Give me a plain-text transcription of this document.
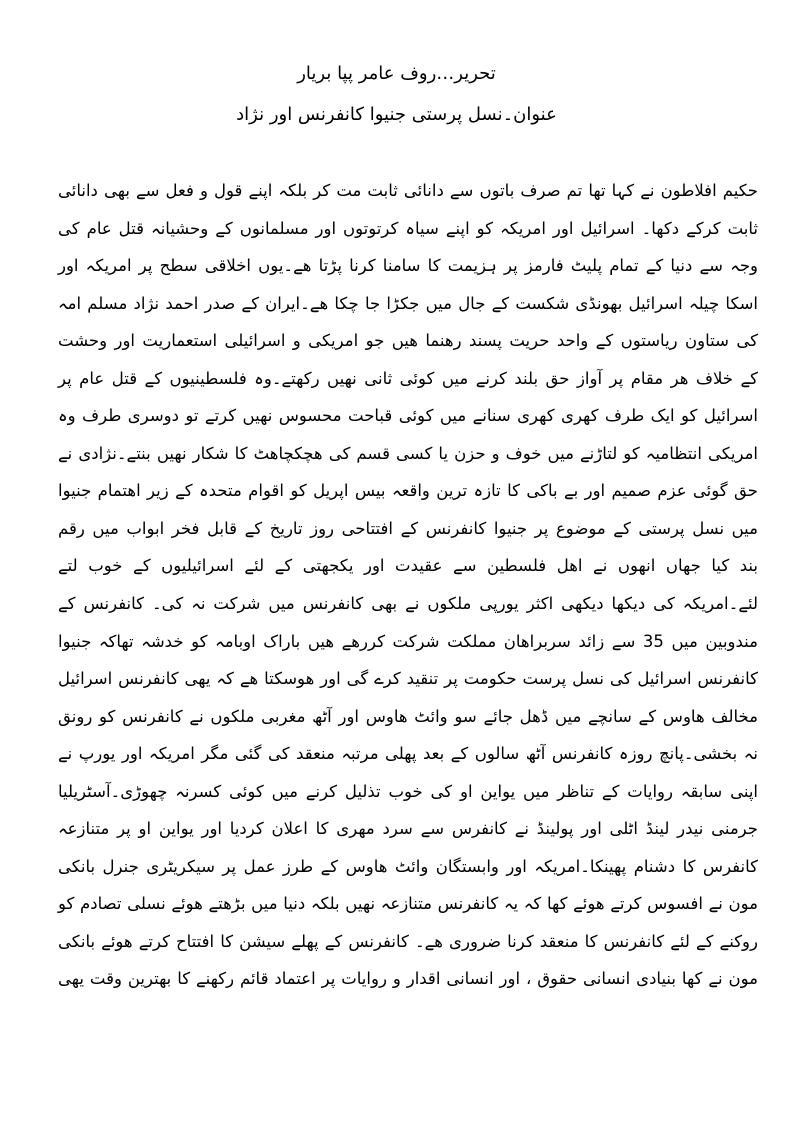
تحریر…روف عامر پپا بریار
عنوان۔نسل پرستی جنیوا کانفرنس اور نژاد
حکیم افلاطون نے کہا تھا تم صرف باتوں سے دانائی ثابت مت کر بلکہ اپنے قول و فعل سے بھی دانائی
ثابت کرکے دکھا۔ اسرائیل اور امریکہ کو اپنے سیاہ کرتوتوں اور مسلمانوں کے وحشیانہ قتل عام کی
وجہ سے دنیا کے تمام پلیٹ فارمز پر ہزیمت کا سامنا کرنا پڑتا ھے۔یوں اخلاقی سطح پر امریکہ اور
اسکا چیلہ اسرائیل بھونڈی شکست کے جال میں جکڑا جا چکا ھے۔ایران کے صدر احمد نژاد مسلم امہ
کی ستاون ریاستوں کے واحد حریت پسند رھنما ھیں جو امریکی و اسرائیلی استعماریت اور وحشت
کے خلاف ھر مقام پر آواز حق بلند کرنے میں کوئی ثانی نھیں رکھتے۔وہ فلسطینیوں کے قتل عام پر
اسرائیل کو ایک طرف کھری کھری سنانے میں کوئی قباحت محسوس نھیں کرتے تو دوسری طرف وہ
امریکی انتظامیہ کو لتاڑنے میں خوف و حزن یا کسی قسم کی ھچکچاھٹ کا شکار نھیں بنتے۔نژادی نے
حق گوئی عزم صمیم اور بے باکی کا تازہ ترین واقعہ بیس اپریل کو اقوام متحدہ کے زیر اھتمام جنیوا
میں نسل پرستی کے موضوع پر جنیوا کانفرنس کے افتتاحی روز تاریخ کے قابل فخر ابواب میں رقم
بند کیا جھاں انھوں نے اھل فلسطین سے عقیدت اور یکجھتی کے لئے اسرائیلیوں کے خوب لتے
لئے۔امریکہ کی دیکھا دیکھی اکثر یورپی ملکوں نے بھی کانفرنس میں شرکت نہ کی۔ کانفرنس کے
مندوبین میں 35 سے زائد سربراھان مملکت شرکت کررھے ھیں باراک اوبامہ کو خدشہ تھاکہ جنیوا
کانفرنس اسرائیل کی نسل پرست حکومت پر تنقید کرے گی اور ھوسکتا ھے کہ یھی کانفرنس اسرائیل
مخالف ھاوس کے سانچے میں ڈھل جائے سو وائٹ ھاوس اور آٹھ مغربی ملکوں نے کانفرنس کو رونق
نہ بخشی۔پانچ روزہ کانفرنس آٹھ سالوں کے بعد پھلی مرتبہ منعقد کی گئی مگر امریکہ اور یورپ نے
اپنی سابقہ روایات کے تناظر میں یواین او کی خوب تذلیل کرنے میں کوئی کسرنہ چھوڑی۔آسٹریلیا
جرمنی نیدر لینڈ اٹلی اور پولینڈ نے کانفرس سے سرد مھری کا اعلان کردیا اور یواین او پر متنازعہ
کانفرس کا دشنام پھینکا۔امریکہ اور وابستگان وائٹ ھاوس کے طرز عمل پر سیکریٹری جنرل بانکی
مون نے افسوس کرتے ھوئے کھا کہ یہ کانفرنس متنازعہ نھیں بلکہ دنیا میں بڑھتے ھوئے نسلی تصادم کو
روکنے کے لئے کانفرنس کا منعقد کرنا ضروری ھے۔ کانفرنس کے پھلے سیشن کا افتتاح کرتے ھوئے بانکی
مون نے کھا بنیادی انسانی حقوق ، اور انسانی اقدار و روایات پر اعتماد قائم رکھنے کا بھترین وقت یھی
